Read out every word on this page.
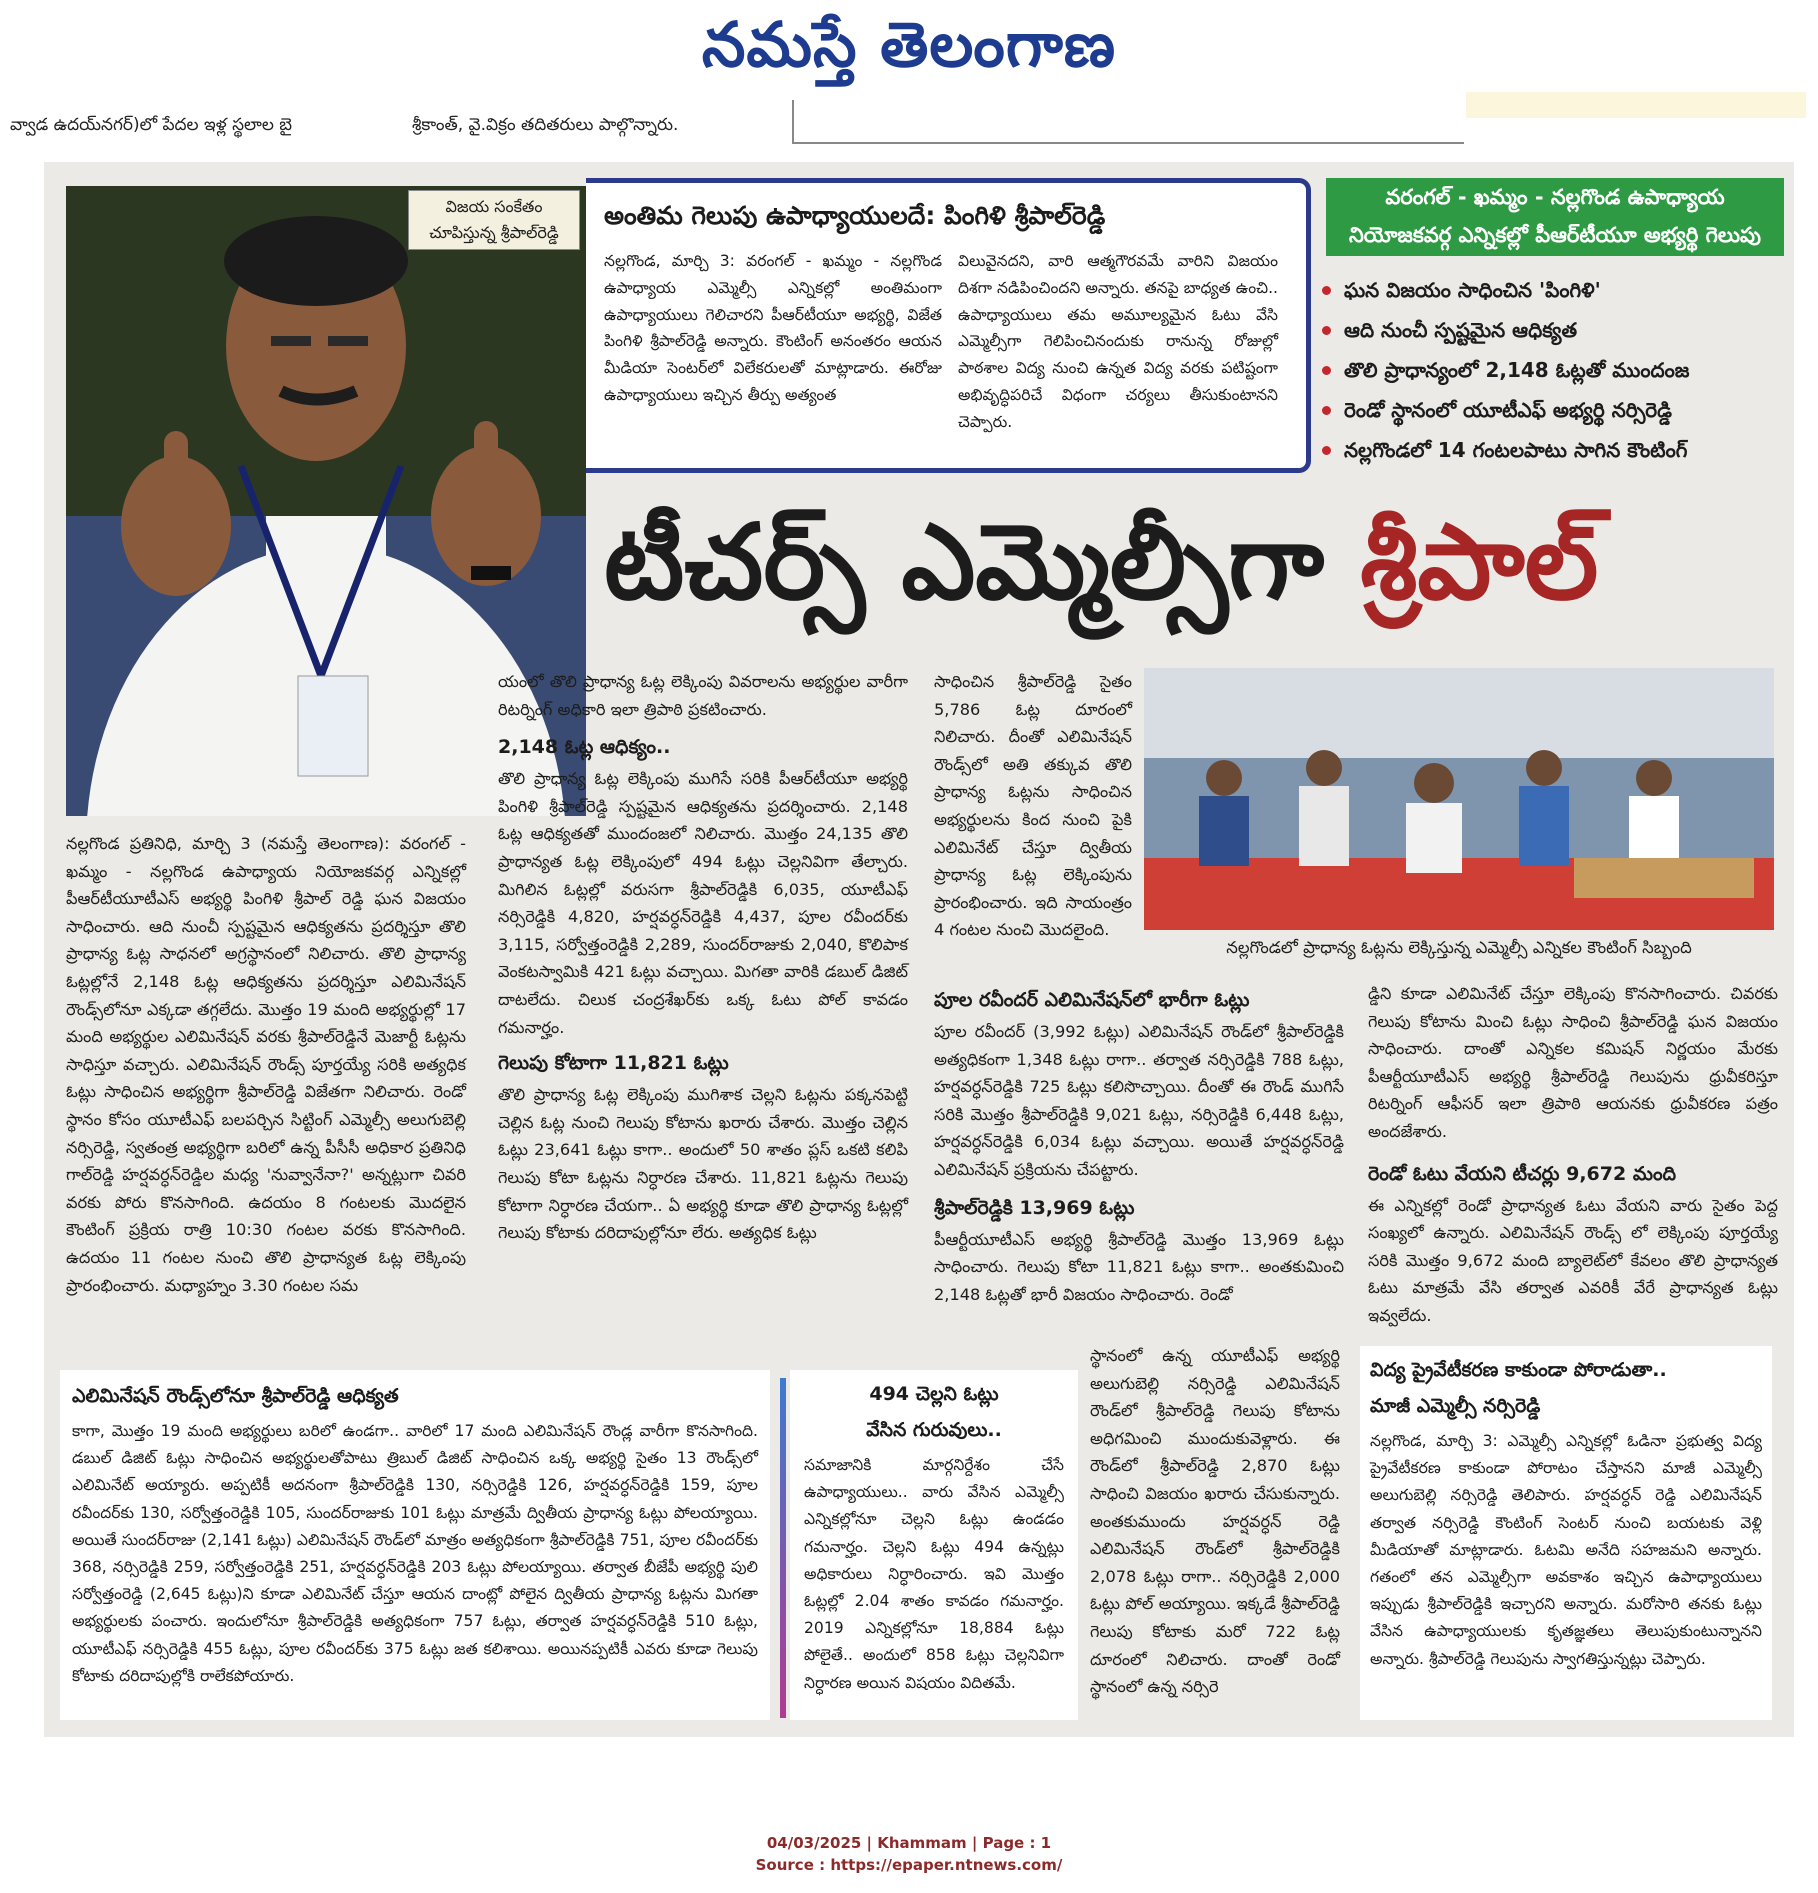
నమస్తే తెలంగాణ
వ్వాడ ఉదయ్‌నగర్)లో పేదల ఇళ్ల స్థలాల బై	శ్రీకాంత్, వై.విక్రం తదితరులు పాల్గొన్నారు.
విజయ సంకేతం
చూపిస్తున్న శ్రీపాల్‌రెడ్డి
అంతిమ గెలుపు ఉపాధ్యాయులదే: పింగిళి శ్రీపాల్‌రెడ్డి
నల్లగొండ, మార్చి 3: వరంగల్ - ఖమ్మం - నల్లగొండ ఉపాధ్యాయ ఎమ్మెల్సీ ఎన్నికల్లో అంతిమంగా ఉపాధ్యాయులు గెలిచారని పీఆర్‌టీయూ అభ్యర్థి, విజేత పింగిళి శ్రీపాల్‌రెడ్డి అన్నారు. కౌంటింగ్ అనంతరం ఆయన మీడియా సెంటర్‌లో విలేకరులతో మాట్లాడారు. ఈరోజు ఉపాధ్యాయులు ఇచ్చిన తీర్పు అత్యంత
విలువైనదని, వారి ఆత్మగౌరవమే వారిని విజయం దిశగా నడిపించిందని అన్నారు. తనపై బాధ్యత ఉంచి.. ఉపాధ్యాయులు తమ అమూల్యమైన ఓటు వేసి ఎమ్మెల్సీగా గెలిపించినందుకు రానున్న రోజుల్లో పాఠశాల విద్య నుంచి ఉన్నత విద్య వరకు పటిష్టంగా అభివృద్ధిపరిచే విధంగా చర్యలు తీసుకుంటానని చెప్పారు.
వరంగల్ - ఖమ్మం - నల్లగొండ ఉపాధ్యాయ
నియోజకవర్గ ఎన్నికల్లో పీఆర్‌టీయూ అభ్యర్థి గెలుపు
ఘన విజయం సాధించిన 'పింగిళి'
ఆది నుంచీ స్పష్టమైన ఆధిక్యత
తొలి ప్రాధాన్యంలో 2,148 ఓట్లతో ముందంజ
రెండో స్థానంలో యూటీఎఫ్ అభ్యర్థి నర్సిరెడ్డి
నల్లగొండలో 14 గంటలపాటు సాగిన కౌంటింగ్
టీచర్స్ ఎమ్మెల్సీగా శ్రీపాల్
నల్లగొండ ప్రతినిధి, మార్చి 3 (నమస్తే తెలంగాణ): వరంగల్ - ఖమ్మం - నల్లగొండ ఉపాధ్యాయ నియోజకవర్గ ఎన్నికల్లో పీఆర్‌టీయూటీఎస్ అభ్యర్థి పింగిళి శ్రీపాల్ రెడ్డి ఘన విజయం సాధించారు. ఆది నుంచీ స్పష్టమైన ఆధిక్యతను ప్రదర్శిస్తూ తొలి ప్రాధాన్య ఓట్ల సాధనలో అగ్రస్థానంలో నిలిచారు. తొలి ప్రాధాన్య ఓట్లల్లోనే 2,148 ఓట్ల ఆధిక్యతను ప్రదర్శిస్తూ ఎలిమినేషన్ రౌండ్స్‌లోనూ ఎక్కడా తగ్గలేదు. మొత్తం 19 మంది అభ్యర్థుల్లో 17 మంది అభ్యర్థుల ఎలిమినేషన్ వరకు శ్రీపాల్‌రెడ్డినే మెజార్టీ ఓట్లను సాధిస్తూ వచ్చారు. ఎలిమినేషన్ రౌండ్స్ పూర్తయ్యే సరికి అత్యధిక ఓట్లు సాధించిన అభ్యర్థిగా శ్రీపాల్‌రెడ్డి విజేతగా నిలిచారు. రెండో స్థానం కోసం యూటీఎఫ్ బలపర్చిన సిట్టింగ్ ఎమ్మెల్సీ అలుగుబెల్లి నర్సిరెడ్డి, స్వతంత్ర అభ్యర్థిగా బరిలో ఉన్న పీసీసీ అధికార ప్రతినిధి గాల్‌రెడ్డి హర్షవర్ధన్‌రెడ్డిల మధ్య 'నువ్వానేనా?' అన్నట్లుగా చివరి వరకు పోరు కొనసాగింది. ఉదయం 8 గంటలకు మొదలైన కౌంటింగ్ ప్రక్రియ రాత్రి 10:30 గంటల వరకు కొనసాగింది. ఉదయం 11 గంటల నుంచి తొలి ప్రాధాన్యత ఓట్ల లెక్కింపు ప్రారంభించారు. మధ్యాహ్నం 3.30 గంటల సమ
యంలో తొలి ప్రాధాన్య ఓట్ల లెక్కింపు వివరాలను అభ్యర్థుల వారీగా రిటర్నింగ్ అధికారి ఇలా త్రిపాఠి ప్రకటించారు.
2,148 ఓట్ల ఆధిక్యం..
తొలి ప్రాధాన్య ఓట్ల లెక్కింపు ముగిసే సరికి పీఆర్‌టీయూ అభ్యర్థి పింగిళి శ్రీపాల్‌రెడ్డి స్పష్టమైన ఆధిక్యతను ప్రదర్శించారు. 2,148 ఓట్ల ఆధిక్యతతో ముందంజలో నిలిచారు. మొత్తం 24,135 తొలి ప్రాధాన్యత ఓట్ల లెక్కింపులో 494 ఓట్లు చెల్లనివిగా తేల్చారు. మిగిలిన ఓట్లల్లో వరుసగా శ్రీపాల్‌రెడ్డికి 6,035, యూటీఎఫ్ నర్సిరెడ్డికి 4,820, హర్షవర్ధన్‌రెడ్డికి 4,437, పూల రవీందర్‌కు 3,115, సర్వోత్తంరెడ్డికి 2,289, సుందర్‌రాజుకు 2,040, కొలిపాక వెంకటస్వామికి 421 ఓట్లు వచ్చాయి. మిగతా వారికి డబుల్ డిజిట్ దాటలేదు. చిలుక చంద్రశేఖర్‌కు ఒక్క ఓటు పోల్ కావడం గమనార్హం.
గెలుపు కోటాగా 11,821 ఓట్లు
తొలి ప్రాధాన్య ఓట్ల లెక్కింపు ముగిశాక చెల్లని ఓట్లను పక్కనపెట్టి చెల్లిన ఓట్ల నుంచి గెలుపు కోటాను ఖరారు చేశారు. మొత్తం చెల్లిన ఓట్లు 23,641 ఓట్లు కాగా.. అందులో 50 శాతం ప్లస్ ఒకటి కలిపి గెలుపు కోటా ఓట్లను నిర్ధారణ చేశారు. 11,821 ఓట్లను గెలుపు కోటాగా నిర్ధారణ చేయగా.. ఏ అభ్యర్థి కూడా తొలి ప్రాధాన్య ఓట్లల్లో గెలుపు కోటాకు దరిదాపుల్లోనూ లేరు. అత్యధిక ఓట్లు
సాధించిన శ్రీపాల్‌రెడ్డి సైతం 5,786 ఓట్ల దూరంలో నిలిచారు. దీంతో ఎలిమినేషన్ రౌండ్స్‌లో అతి తక్కువ తొలి ప్రాధాన్య ఓట్లను సాధించిన అభ్యర్థులను కింద నుంచి పైకి ఎలిమినేట్ చేస్తూ ద్వితీయ ప్రాధాన్య ఓట్ల లెక్కింపును ప్రారంభించారు. ఇది సాయంత్రం 4 గంటల నుంచి మొదలైంది.
నల్లగొండలో ప్రాధాన్య ఓట్లను లెక్కిస్తున్న ఎమ్మెల్సీ ఎన్నికల కౌంటింగ్ సిబ్బంది
పూల రవీందర్ ఎలిమినేషన్‌లో భారీగా ఓట్లు
పూల రవీందర్ (3,992 ఓట్లు) ఎలిమినేషన్ రౌండ్‌లో శ్రీపాల్‌రెడ్డికి అత్యధికంగా 1,348 ఓట్లు రాగా.. తర్వాత నర్సిరెడ్డికి 788 ఓట్లు, హర్షవర్ధన్‌రెడ్డికి 725 ఓట్లు కలిసొచ్చాయి. దీంతో ఈ రౌండ్ ముగిసే సరికి మొత్తం శ్రీపాల్‌రెడ్డికి 9,021 ఓట్లు, నర్సిరెడ్డికి 6,448 ఓట్లు, హర్షవర్ధన్‌రెడ్డికి 6,034 ఓట్లు వచ్చాయి. అయితే హర్షవర్ధన్‌రెడ్డి ఎలిమినేషన్ ప్రక్రియను చేపట్టారు.
శ్రీపాల్‌రెడ్డికి 13,969 ఓట్లు
పీఆర్టీయూటీఎస్ అభ్యర్థి శ్రీపాల్‌రెడ్డి మొత్తం 13,969 ఓట్లు సాధించారు. గెలుపు కోటా 11,821 ఓట్లు కాగా.. అంతకుమించి 2,148 ఓట్లతో భారీ విజయం సాధించారు. రెండో
డ్డిని కూడా ఎలిమినేట్ చేస్తూ లెక్కింపు కొనసాగించారు. చివరకు గెలుపు కోటాను మించి ఓట్లు సాధించి శ్రీపాల్‌రెడ్డి ఘన విజయం సాధించారు. దాంతో ఎన్నికల కమిషన్ నిర్ణయం మేరకు పీఆర్టీయూటీఎస్ అభ్యర్థి శ్రీపాల్‌రెడ్డి గెలుపును ధ్రువీకరిస్తూ రిటర్నింగ్ ఆఫీసర్ ఇలా త్రిపాఠి ఆయనకు ధ్రువీకరణ పత్రం అందజేశారు.
రెండో ఓటు వేయని టీచర్లు 9,672 మంది
ఈ ఎన్నికల్లో రెండో ప్రాధాన్యత ఓటు వేయని వారు సైతం పెద్ద సంఖ్యలో ఉన్నారు. ఎలిమినేషన్ రౌండ్స్ లో లెక్కింపు పూర్తయ్యే సరికి మొత్తం 9,672 మంది బ్యాలెట్‌లో కేవలం తొలి ప్రాధాన్యత ఓటు మాత్రమే వేసి తర్వాత ఎవరికీ వేరే ప్రాధాన్యత ఓట్లు ఇవ్వలేదు.
ఎలిమినేషన్ రౌండ్స్‌లోనూ శ్రీపాల్‌రెడ్డి ఆధిక్యత
కాగా, మొత్తం 19 మంది అభ్యర్థులు బరిలో ఉండగా.. వారిలో 17 మంది ఎలిమినేషన్ రౌండ్ల వారీగా కొనసాగింది. డబుల్ డిజిట్ ఓట్లు సాధించిన అభ్యర్థులతోపాటు త్రిబుల్ డిజిట్ సాధించిన ఒక్క అభ్యర్థి సైతం 13 రౌండ్స్‌లో ఎలిమినేట్ అయ్యారు. అప్పటికీ అదనంగా శ్రీపాల్‌రెడ్డికి 130, నర్సిరెడ్డికి 126, హర్షవర్ధన్‌రెడ్డికి 159, పూల రవీందర్‌కు 130, సర్వోత్తంరెడ్డికి 105, సుందర్‌రాజుకు 101 ఓట్లు మాత్రమే ద్వితీయ ప్రాధాన్య ఓట్లు పోలయ్యాయి. అయితే సుందర్‌రాజు (2,141 ఓట్లు) ఎలిమినేషన్ రౌండ్‌లో మాత్రం అత్యధికంగా శ్రీపాల్‌రెడ్డికి 751, పూల రవీందర్‌కు 368, నర్సిరెడ్డికి 259, సర్వోత్తంరెడ్డికి 251, హర్షవర్ధన్‌రెడ్డికి 203 ఓట్లు పోలయ్యాయి. తర్వాత బీజేపీ అభ్యర్థి పులి సర్వోత్తంరెడ్డి (2,645 ఓట్లు)ని కూడా ఎలిమినేట్ చేస్తూ ఆయన దాంట్లో పోలైన ద్వితీయ ప్రాధాన్య ఓట్లను మిగతా అభ్యర్థులకు పంచారు. ఇందులోనూ శ్రీపాల్‌రెడ్డికి అత్యధికంగా 757 ఓట్లు, తర్వాత హర్షవర్ధన్‌రెడ్డికి 510 ఓట్లు, యూటీఎఫ్ నర్సిరెడ్డికి 455 ఓట్లు, పూల రవీందర్‌కు 375 ఓట్లు జత కలిశాయి. అయినప్పటికీ ఎవరు కూడా గెలుపు కోటాకు దరిదాపుల్లోకి రాలేకపోయారు.
494 చెల్లని ఓట్లు
వేసిన గురువులు..
సమాజానికి మార్గనిర్దేశం చేసే ఉపాధ్యాయులు.. వారు వేసిన ఎమ్మెల్సీ ఎన్నికల్లోనూ చెల్లని ఓట్లు ఉండడం గమనార్హం. చెల్లని ఓట్లు 494 ఉన్నట్లు అధికారులు నిర్ధారించారు. ఇవి మొత్తం ఓట్లల్లో 2.04 శాతం కావడం గమనార్హం. 2019 ఎన్నికల్లోనూ 18,884 ఓట్లు పోలైతే.. అందులో 858 ఓట్లు చెల్లనివిగా నిర్ధారణ అయిన విషయం విదితమే.
స్థానంలో ఉన్న యూటీఎఫ్ అభ్యర్థి అలుగుబెల్లి నర్సిరెడ్డి ఎలిమినేషన్ రౌండ్‌లో శ్రీపాల్‌రెడ్డి గెలుపు కోటాను అధిగమించి ముందుకువెళ్లారు. ఈ రౌండ్‌లో శ్రీపాల్‌రెడ్డి 2,870 ఓట్లు సాధించి విజయం ఖరారు చేసుకున్నారు. అంతకుముందు హర్షవర్ధన్ రెడ్డి ఎలిమినేషన్ రౌండ్‌లో శ్రీపాల్‌రెడ్డికి 2,078 ఓట్లు రాగా.. నర్సిరెడ్డికి 2,000 ఓట్లు పోల్ అయ్యాయి. ఇక్కడే శ్రీపాల్‌రెడ్డి గెలుపు కోటాకు మరో 722 ఓట్ల దూరంలో నిలిచారు. దాంతో రెండో స్థానంలో ఉన్న నర్సిరె
విద్య ప్రైవేటీకరణ కాకుండా పోరాడుతా..
మాజీ ఎమ్మెల్సీ నర్సిరెడ్డి
నల్లగొండ, మార్చి 3: ఎమ్మెల్సీ ఎన్నికల్లో ఓడినా ప్రభుత్వ విద్య ప్రైవేటీకరణ కాకుండా పోరాటం చేస్తానని మాజీ ఎమ్మెల్సీ అలుగుబెల్లి నర్సిరెడ్డి తెలిపారు. హర్షవర్ధన్ రెడ్డి ఎలిమినేషన్ తర్వాత నర్సిరెడ్డి కౌంటింగ్ సెంటర్ నుంచి బయటకు వెళ్లి మీడియాతో మాట్లాడారు. ఓటమి అనేది సహజమని అన్నారు. గతంలో తన ఎమ్మెల్సీగా అవకాశం ఇచ్చిన ఉపాధ్యాయులు ఇప్పుడు శ్రీపాల్‌రెడ్డికి ఇచ్చారని అన్నారు. మరోసారి తనకు ఓట్లు వేసిన ఉపాధ్యాయులకు కృతజ్ఞతలు తెలుపుకుంటున్నానని అన్నారు. శ్రీపాల్‌రెడ్డి గెలుపును స్వాగతిస్తున్నట్లు చెప్పారు.
04/03/2025 | Khammam | Page : 1
Source : https://epaper.ntnews.com/
